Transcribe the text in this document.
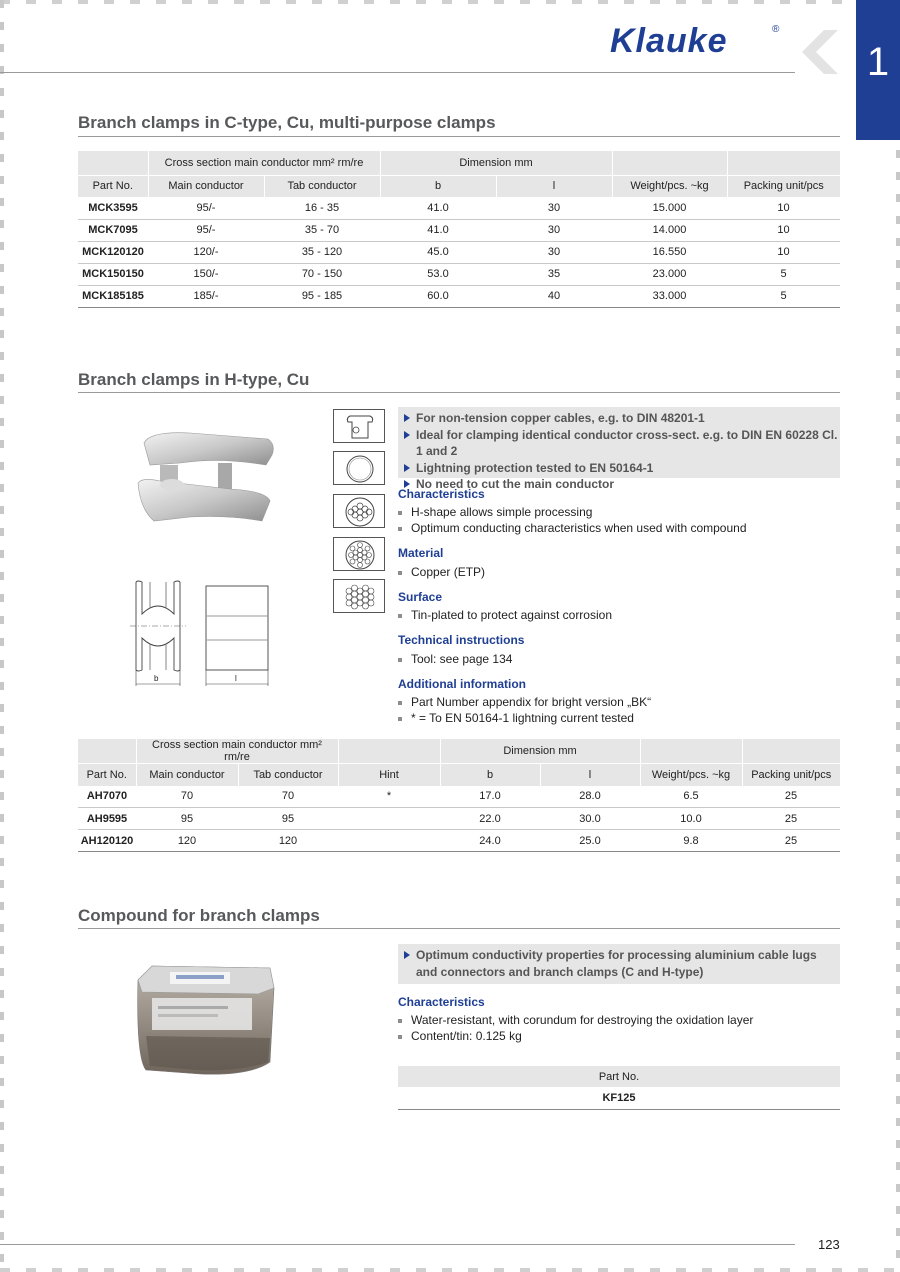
Klauke	®
1
Branch clamps in C-type, Cu, multi-purpose clamps
	Cross section main conductor mm² rm/re		Dimension mm			
Part No.	Main conductor	Tab conductor	b	l	Weight/pcs. ~kg	Packing unit/pcs
MCK3595	95/-	16 - 35	41.0	30	15.000	10
MCK7095	95/-	35 - 70	41.0	30	14.000	10
MCK120120	120/-	35 - 120	45.0	30	16.550	10
MCK150150	150/-	70 - 150	53.0	35	23.000	5
MCK185185	185/-	95 - 185	60.0	40	33.000	5
Branch clamps in H-type, Cu
b	l
For non-tension copper cables, e.g. to DIN 48201-1
Ideal for clamping identical conductor cross-sect. e.g. to DIN EN 60228 Cl. 1 and 2
Lightning protection tested to EN 50164-1
No need to cut the main conductor
Characteristics
H-shape allows simple processing
Optimum conducting characteristics when used with compound
Material
Copper (ETP)
Surface
Tin-plated to protect against corrosion
Technical instructions
Tool: see page 134
Additional information
Part Number appendix for bright version „BK“
* = To EN 50164-1 lightning current tested
	Cross section main conductor mm² rm/re			Dimension mm			
Part No.	Main conductor	Tab conductor	Hint	b	l	Weight/pcs. ~kg	Packing unit/pcs
AH7070	70	70	*	17.0	28.0	6.5	25
AH9595	95	95		22.0	30.0	10.0	25
AH120120	120	120		24.0	25.0	9.8	25
Compound for branch clamps
Optimum conductivity properties for processing aluminium cable lugs and connectors and branch clamps (C and H-type)
Characteristics
Water-resistant, with corundum for destroying the oxidation layer
Content/tin: 0.125 kg
Part No.
KF125
123
